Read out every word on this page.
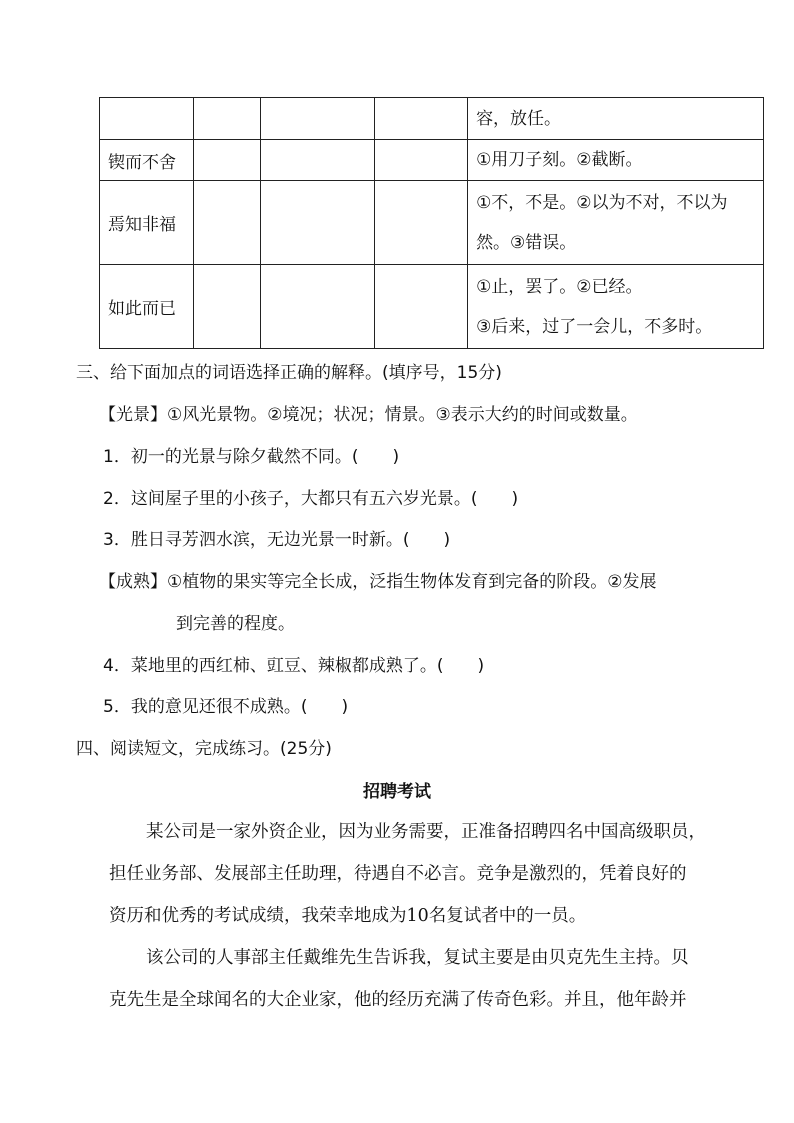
				容，放任。

锲而不舍				①用刀子刻。②截断。

焉知非福				①不，不是。②以为不对，不以为
然。③错误。

如此而已				①止，罢了。②已经。
③后来，过了一会儿，不多时。
三、给下面加点的词语选择正确的解释。(填序号，15分)
【光景】①风光景物。②境况；状况；情景。③表示大约的时间或数量。
1．初一的光景与除夕截然不同。(　　)
2．这间屋子里的小孩子，大都只有五六岁光景。(　　)
3．胜日寻芳泗水滨，无边光景一时新。(　　)
【成熟】①植物的果实等完全长成，泛指生物体发育到完备的阶段。②发展
到完善的程度。
4．菜地里的西红柿、豇豆、辣椒都成熟了。(　　)
5．我的意见还很不成熟。(　　)
四、阅读短文，完成练习。(25分)
招聘考试
某公司是一家外资企业，因为业务需要，正准备招聘四名中国高级职员，
担任业务部、发展部主任助理，待遇自不必言。竞争是激烈的，凭着良好的
资历和优秀的考试成绩，我荣幸地成为10名复试者中的一员。
该公司的人事部主任戴维先生告诉我，复试主要是由贝克先生主持。贝
克先生是全球闻名的大企业家，他的经历充满了传奇色彩。并且，他年龄并
